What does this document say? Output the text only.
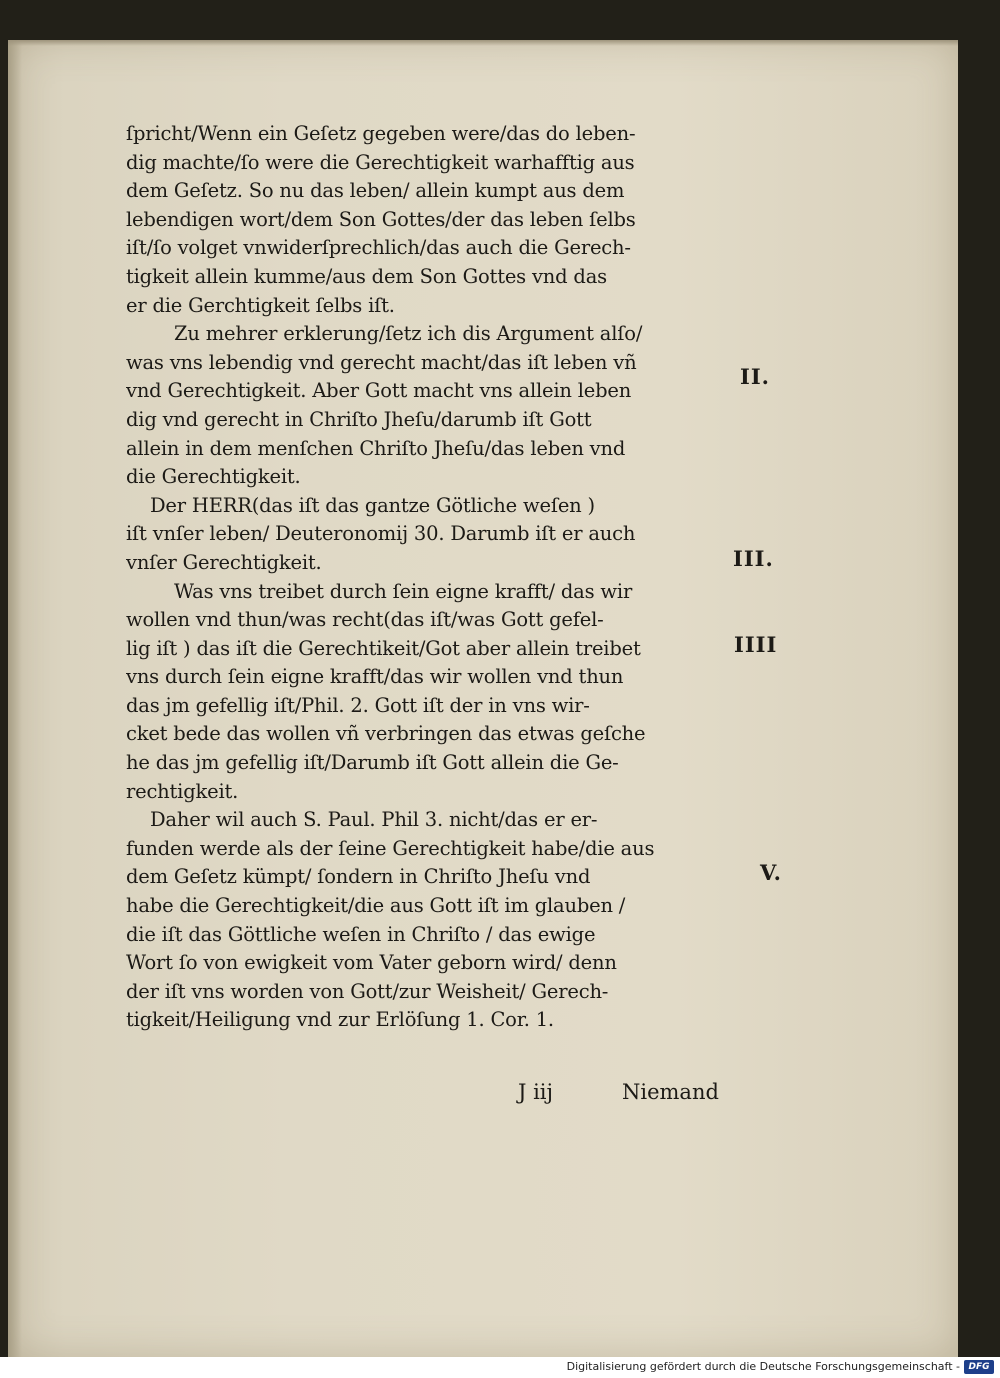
ſpricht/Wenn ein Geſetz gegeben were/das do leben-
dig machte/ſo were die Gerechtigkeit warhafftig aus
dem Geſetz. So nu das leben/ allein kumpt aus dem
lebendigen wort/dem Son Gottes/der das leben ſelbs
iſt/ſo volget vnwiderſprechlich/das auch die Gerech-
tigkeit allein kumme/aus dem Son Gottes vnd das
er die Gerchtigkeit ſelbs iſt.
Zu mehrer erklerung/ſetz ich dis Argument alſo/
was vns lebendig vnd gerecht macht/das iſt leben vñ
vnd Gerechtigkeit. Aber Gott macht vns allein leben
dig vnd gerecht in Chriſto Jheſu/darumb iſt Gott
allein in dem menſchen Chriſto Jheſu/das leben vnd
die Gerechtigkeit.
Der HERR(das iſt das gantze Götliche weſen )
iſt vnſer leben/ Deuteronomij 30. Darumb iſt er auch
vnſer Gerechtigkeit.
Was vns treibet durch ſein eigne krafft/ das wir
wollen vnd thun/was recht(das iſt/was Gott gefel-
lig iſt ) das iſt die Gerechtikeit/Got aber allein treibet
vns durch ſein eigne krafft/das wir wollen vnd thun
das jm gefellig iſt/Phil. 2. Gott iſt der in vns wir-
cket bede das wollen vñ verbringen das etwas geſche
he das jm gefellig iſt/Darumb iſt Gott allein die Ge-
rechtigkeit.
Daher wil auch S. Paul. Phil 3. nicht/das er er-
funden werde als der ſeine Gerechtigkeit habe/die aus
dem Geſetz kümpt/ ſondern in Chriſto Jheſu vnd
habe die Gerechtigkeit/die aus Gott iſt im glauben /
die iſt das Göttliche weſen in Chriſto / das ewige
Wort ſo von ewigkeit vom Vater geborn wird/ denn
der iſt vns worden von Gott/zur Weisheit/ Gerech-
tigkeit/Heiligung vnd zur Erlöſung 1. Cor. 1.
II.
III.
IIII
V.
J iij	Niemand
Digitalisierung gefördert durch die Deutsche Forschungsgemeinschaft - DFG
